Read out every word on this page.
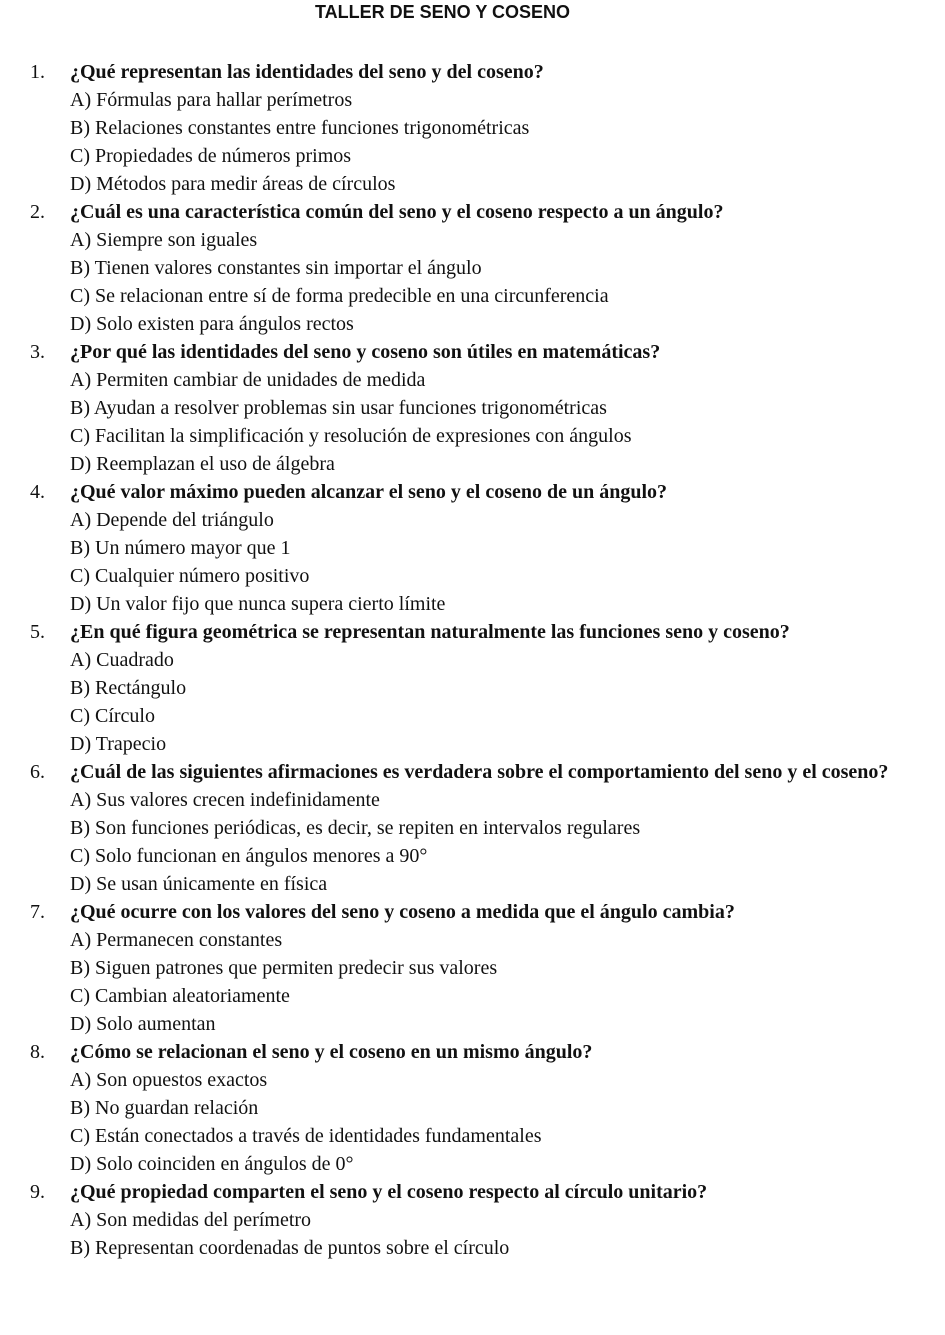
TALLER DE SENO Y COSENO
1. ¿Qué representan las identidades del seno y del coseno?

A) Fórmulas para hallar perímetros
B) Relaciones constantes entre funciones trigonométricas
C) Propiedades de números primos
D) Métodos para medir áreas de círculos
2. ¿Cuál es una característica común del seno y el coseno respecto a un ángulo?

A) Siempre son iguales
B) Tienen valores constantes sin importar el ángulo
C) Se relacionan entre sí de forma predecible en una circunferencia
D) Solo existen para ángulos rectos
3. ¿Por qué las identidades del seno y coseno son útiles en matemáticas?

A) Permiten cambiar de unidades de medida
B) Ayudan a resolver problemas sin usar funciones trigonométricas
C) Facilitan la simplificación y resolución de expresiones con ángulos
D) Reemplazan el uso de álgebra
4. ¿Qué valor máximo pueden alcanzar el seno y el coseno de un ángulo?

A) Depende del triángulo
B) Un número mayor que 1
C) Cualquier número positivo
D) Un valor fijo que nunca supera cierto límite
5. ¿En qué figura geométrica se representan naturalmente las funciones seno y coseno?

A) Cuadrado
B) Rectángulo
C) Círculo
D) Trapecio
6. ¿Cuál de las siguientes afirmaciones es verdadera sobre el comportamiento del seno y el coseno?

A) Sus valores crecen indefinidamente
B) Son funciones periódicas, es decir, se repiten en intervalos regulares
C) Solo funcionan en ángulos menores a 90°
D) Se usan únicamente en física
7. ¿Qué ocurre con los valores del seno y coseno a medida que el ángulo cambia?

A) Permanecen constantes
B) Siguen patrones que permiten predecir sus valores
C) Cambian aleatoriamente
D) Solo aumentan
8. ¿Cómo se relacionan el seno y el coseno en un mismo ángulo?

A) Son opuestos exactos
B) No guardan relación
C) Están conectados a través de identidades fundamentales
D) Solo coinciden en ángulos de 0°
9. ¿Qué propiedad comparten el seno y el coseno respecto al círculo unitario?

A) Son medidas del perímetro
B) Representan coordenadas de puntos sobre el círculo
